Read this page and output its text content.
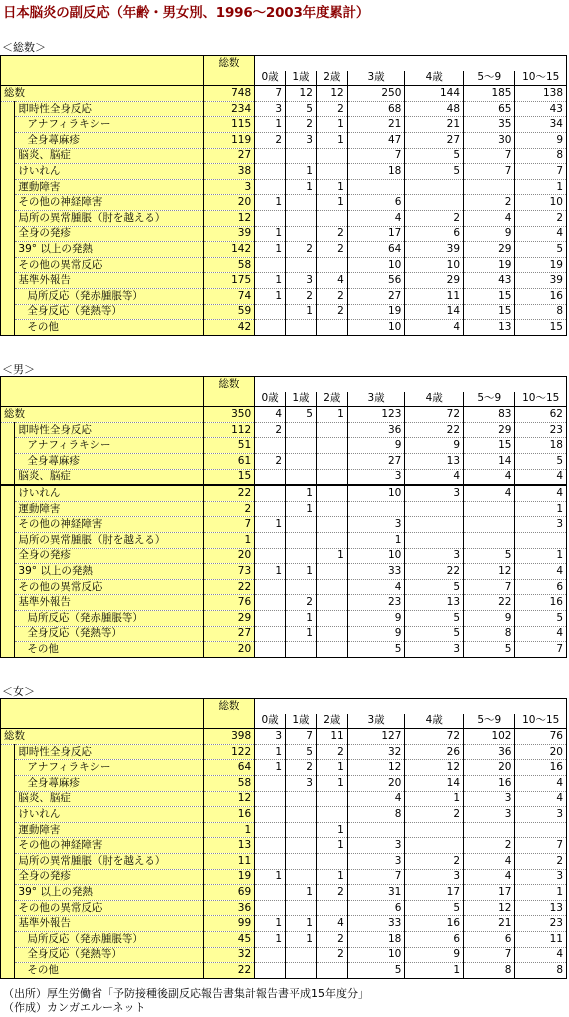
日本脳炎の副反応（年齢・男女別、1996～2003年度累計）
＜総数＞
		総数							
			0歳	1歳	2歳	3歳	4歳	5～9	10～15
総数		748	7	12	12	250	144	185	138
	即時性全身反応	234	3	5	2	68	48	65	43
	アナフィラキシー	115	1	2	1	21	21	35	34
	全身蕁麻疹	119	2	3	1	47	27	30	9
	脳炎、脳症	27				7	5	7	8
	けいれん	38		1		18	5	7	7
	運動障害	3		1	1				1
	その他の神経障害	20	1		1	6		2	10
	局所の異常腫脹（肘を越える）	12				4	2	4	2
	全身の発疹	39	1		2	17	6	9	4
	39° 以上の発熱	142	1	2	2	64	39	29	5
	その他の異常反応	58				10	10	19	19
	基準外報告	175	1	3	4	56	29	43	39
	局所反応（発赤腫脹等）	74	1	2	2	27	11	15	16
	全身反応（発熱等）	59		1	2	19	14	15	8
	その他	42				10	4	13	15
＜男＞
		総数							
			0歳	1歳	2歳	3歳	4歳	5～9	10～15
総数		350	4	5	1	123	72	83	62
	即時性全身反応	112	2			36	22	29	23
	アナフィラキシー	51				9	9	15	18
	全身蕁麻疹	61	2			27	13	14	5
	脳炎、脳症	15				3	4	4	4
	けいれん	22		1		10	3	4	4
	運動障害	2		1					1
	その他の神経障害	7	1			3			3
	局所の異常腫脹（肘を越える）	1				1			
	全身の発疹	20			1	10	3	5	1
	39° 以上の発熱	73	1	1		33	22	12	4
	その他の異常反応	22				4	5	7	6
	基準外報告	76		2		23	13	22	16
	局所反応（発赤腫脹等）	29		1		9	5	9	5
	全身反応（発熱等）	27		1		9	5	8	4
	その他	20				5	3	5	7
＜女＞
		総数							
			0歳	1歳	2歳	3歳	4歳	5～9	10～15
総数		398	3	7	11	127	72	102	76
	即時性全身反応	122	1	5	2	32	26	36	20
	アナフィラキシー	64	1	2	1	12	12	20	16
	全身蕁麻疹	58		3	1	20	14	16	4
	脳炎、脳症	12				4	1	3	4
	けいれん	16				8	2	3	3
	運動障害	1			1				
	その他の神経障害	13			1	3		2	7
	局所の異常腫脹（肘を越える）	11				3	2	4	2
	全身の発疹	19	1		1	7	3	4	3
	39° 以上の発熱	69		1	2	31	17	17	1
	その他の異常反応	36				6	5	12	13
	基準外報告	99	1	1	4	33	16	21	23
	局所反応（発赤腫脹等）	45	1	1	2	18	6	6	11
	全身反応（発熱等）	32			2	10	9	7	4
	その他	22				5	1	8	8
（出所）厚生労働省「予防接種後副反応報告書集計報告書平成15年度分」
（作成）カンガエルーネット
